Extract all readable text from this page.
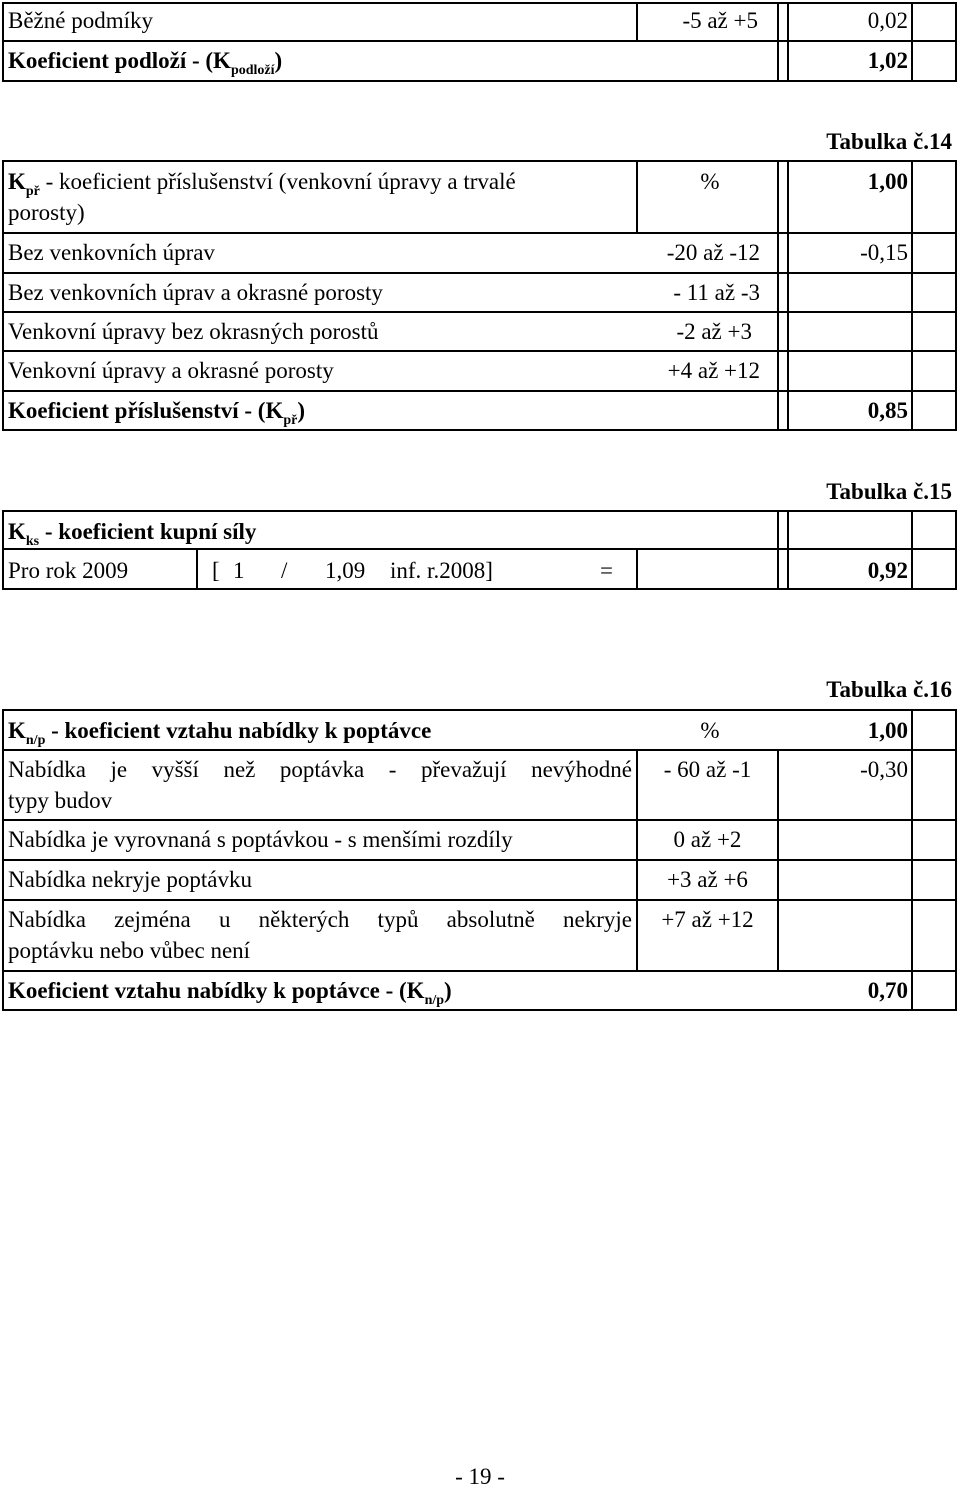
Běžné podmíky	-5 až +5	0,02
Koeficient podloží - $(K_{podloží})$	1,02
Tabulka č.14
$K_{př}$ - koeficient příslušenství (venkovní úpravy a trvalé
porosty)
%	1,00
Bez venkovních úprav	-20 až -12	-0,15
Bez venkovních úprav a okrasné porosty	- 11 až -3
Venkovní úpravy bez okrasných porostů	-2 až +3
Venkovní úpravy a okrasné porosty	+4 až +12
Koeficient příslušenství - $(K_{př})$	0,85
Tabulka č.15
$K_{ks}$ - koeficient kupní síly
Pro rok 2009	[ 1 / 1,09 inf. r.2008]	=	0,92
Tabulka č.16
$K_{n/p}$ - koeficient vztahu nabídky k poptávce	%	1,00
Nabídka je vyšší než poptávka - převažují nevýhodné
typy budov
- 60 až -1	-0,30
Nabídka je vyrovnaná s poptávkou - s menšími rozdíly	0 až +2
Nabídka nekryje poptávku	+3 až +6
Nabídka zejména u některých typů absolutně nekryje
poptávku nebo vůbec není
+7 až +12
Koeficient vztahu nabídky k poptávce - $(K_{n/p})$	0,70
- 19 -
